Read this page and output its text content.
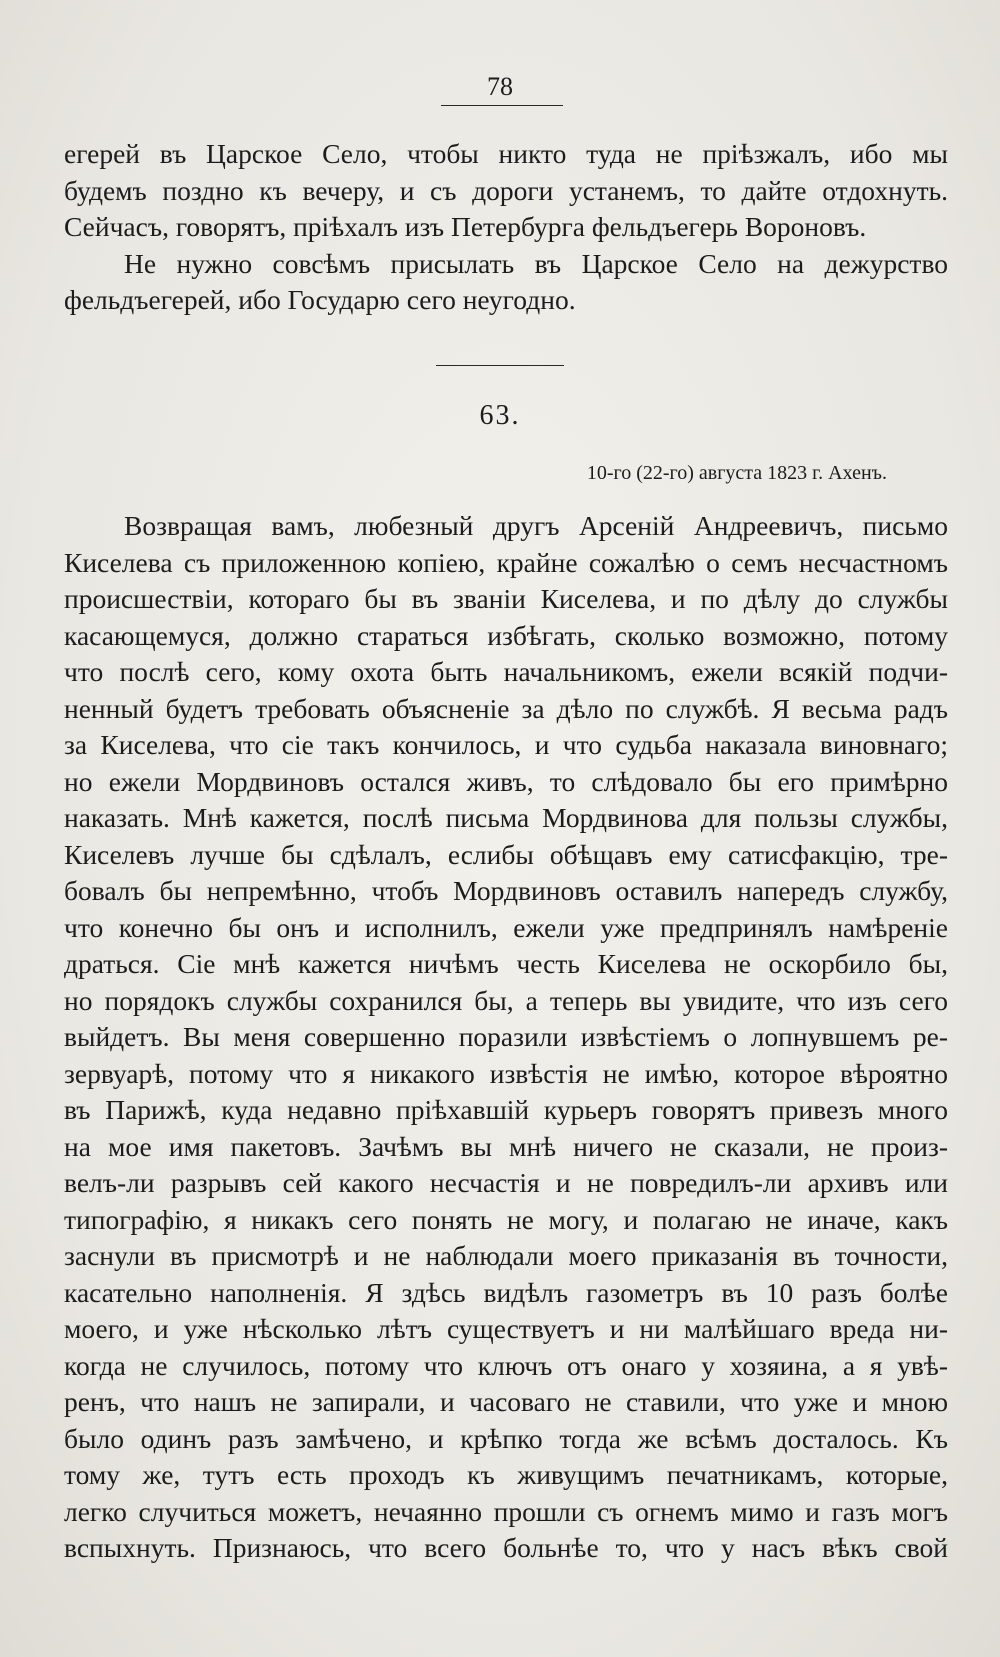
78

егерей въ Царское Село, чтобы никто туда не пріѣзжалъ, ибо мы
будемъ поздно къ вечеру, и съ дороги устанемъ, то дайте отдохнуть.
Сейчасъ, говорятъ, пріѣхалъ изъ Петербурга фельдъегерь Вороновъ.

Не нужно совсѣмъ присылать въ Царское Село на дежурство
фельдъегерей, ибо Государю сего неугодно.

63.
10-го (22-го) августа 1823 г. Ахенъ.
Возвращая вамъ, любезный другъ Арсеній Андреевичъ, письмо
Киселева съ приложенною копіею, крайне сожалѣю о семъ несчастномъ
происшествіи, котораго бы въ званіи Киселева, и по дѣлу до службы
касающемуся, должно стараться избѣгать, сколько возможно, потому
что послѣ сего, кому охота быть начальникомъ, ежели всякій подчи-
ненный будетъ требовать объясненіе за дѣло по службѣ. Я весьма радъ
за Киселева, что сіе такъ кончилось, и что судьба наказала виновнаго;
но ежели Мордвиновъ остался живъ, то слѣдовало бы его примѣрно
наказать. Мнѣ кажется, послѣ письма Мордвинова для пользы службы,
Киселевъ лучше бы сдѣлалъ, еслибы обѣщавъ ему сатисфакцію, тре-
бовалъ бы непремѣнно, чтобъ Мордвиновъ оставилъ напередъ службу,
что конечно бы онъ и исполнилъ, ежели уже предпринялъ намѣреніе
драться. Сіе мнѣ кажется ничѣмъ честь Киселева не оскорбило бы,
но порядокъ службы сохранился бы, а теперь вы увидите, что изъ сего
выйдетъ. Вы меня совершенно поразили извѣстіемъ о лопнувшемъ ре-
зервуарѣ, потому что я никакого извѣстія не имѣю, которое вѣроятно
въ Парижѣ, куда недавно пріѣхавшій курьеръ говорятъ привезъ много
на мое имя пакетовъ. Зачѣмъ вы мнѣ ничего не сказали, не произ-
велъ-ли разрывъ сей какого несчастія и не повредилъ-ли архивъ или
типографію, я никакъ сего понять не могу, и полагаю не иначе, какъ
заснули въ присмотрѣ и не наблюдали моего приказанія въ точности,
касательно наполненія. Я здѣсь видѣлъ газометръ въ 10 разъ болѣе
моего, и уже нѣсколько лѣтъ существуетъ и ни малѣйшаго вреда ни-
когда не случилось, потому что ключъ отъ онаго у хозяина, а я увѣ-
ренъ, что нашъ не запирали, и часоваго не ставили, что уже и мною
было одинъ разъ замѣчено, и крѣпко тогда же всѣмъ досталось. Къ
тому же, тутъ есть проходъ къ живущимъ печатникамъ, которые,
легко случиться можетъ, нечаянно прошли съ огнемъ мимо и газъ могъ
вспыхнуть. Признаюсь, что всего больнѣе то, что у насъ вѣкъ свой
